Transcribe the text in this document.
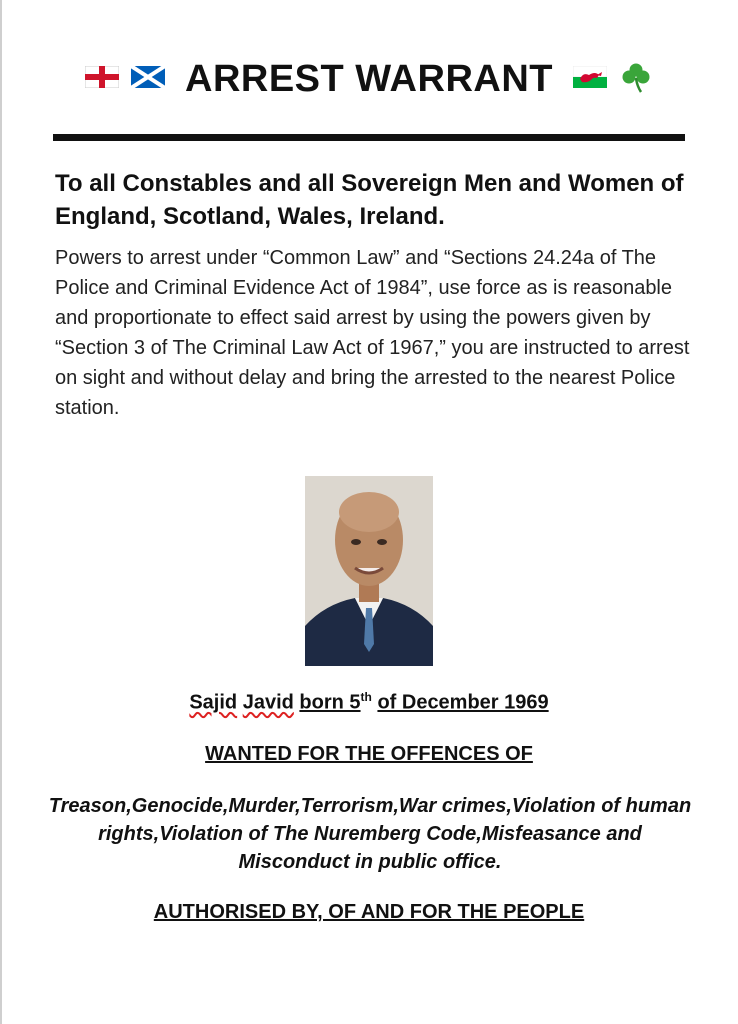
ARREST WARRANT
To all Constables and all Sovereign Men and Women of England, Scotland, Wales, Ireland.
Powers to arrest under “Common Law” and “Sections 24.24a of The Police and Criminal Evidence Act of 1984”, use force as is reasonable and proportionate to effect said arrest by using the powers given by “Section 3 of The Criminal Law Act of 1967,” you are instructed to arrest on sight and without delay and bring the arrested to the nearest Police station.
Sajid Javid born 5th of December 1969
WANTED FOR THE OFFENCES OF
Treason,Genocide,Murder,Terrorism,War crimes,Violation of human rights,Violation of The Nuremberg Code,Misfeasance and Misconduct in public office.
AUTHORISED BY, OF AND FOR THE PEOPLE
